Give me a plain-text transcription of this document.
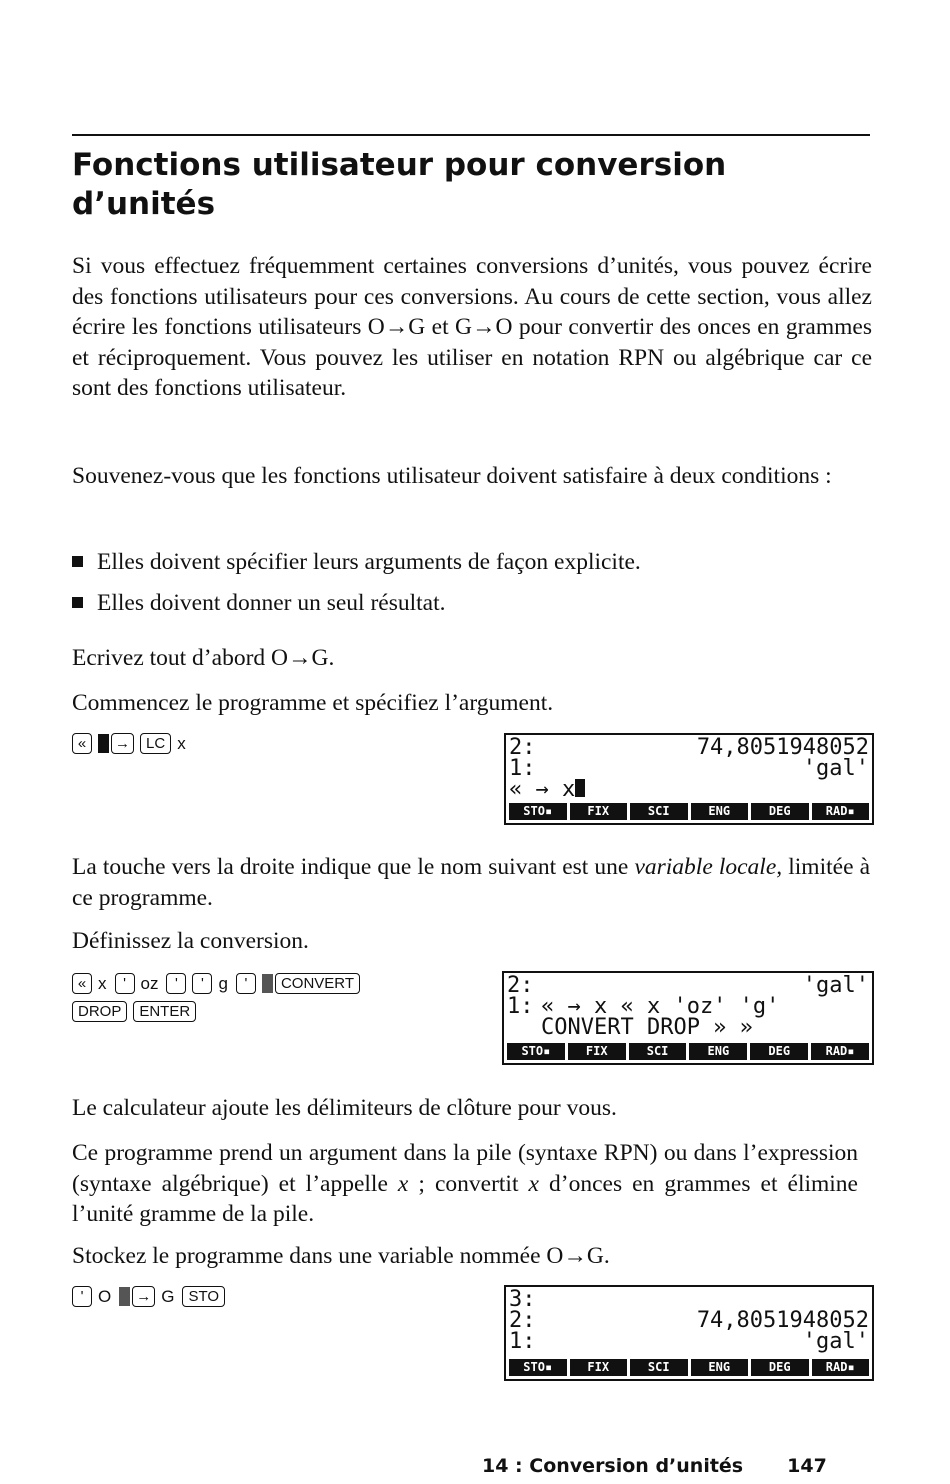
Fonctions utilisateur pour conversion d’unités

Si vous effectuez fréquemment certaines conversions d’unités, vous pouvez écrire des fonctions utilisateurs pour ces conversions. Au cours de cette section, vous allez écrire les fonctions utilisateurs O→G et G→O pour convertir des onces en grammes et réciproquement. Vous pouvez les utiliser en notation RPN ou algébrique car ce sont des fonctions utilisateur.

Souvenez-vous que les fonctions utilisateur doivent satisfaire à deux conditions :

Elles doivent spécifier leurs arguments de façon explicite.
Elles doivent donner un seul résultat.

Ecrivez tout d’abord O→G.

Commencez le programme et spécifiez l’argument.

« → LC x	2:	74,8051948052
1:	'gal'
« → x
STO▪	FIX	SCI	ENG	DEG	RAD▪

La touche vers la droite indique que le nom suivant est une variable locale, limitée à ce programme.

Définissez la conversion.

« x ' oz ' ' g ' CONVERT
DROP ENTER
2:	'gal'
1: « → x « x 'oz' 'g'
CONVERT DROP » »
STO▪	FIX	SCI	ENG	DEG	RAD▪

Le calculateur ajoute les délimiteurs de clôture pour vous.

Ce programme prend un argument dans la pile (syntaxe RPN) ou dans l’expression (syntaxe algébrique) et l’appelle x ; convertit x d’onces en grammes et élimine l’unité gramme de la pile.

Stockez le programme dans une variable nommée O→G.

' O → G STO	3:
2:	74,8051948052
1:	'gal'
STO▪	FIX	SCI	ENG	DEG	RAD▪
14 : Conversion d’unités 147
